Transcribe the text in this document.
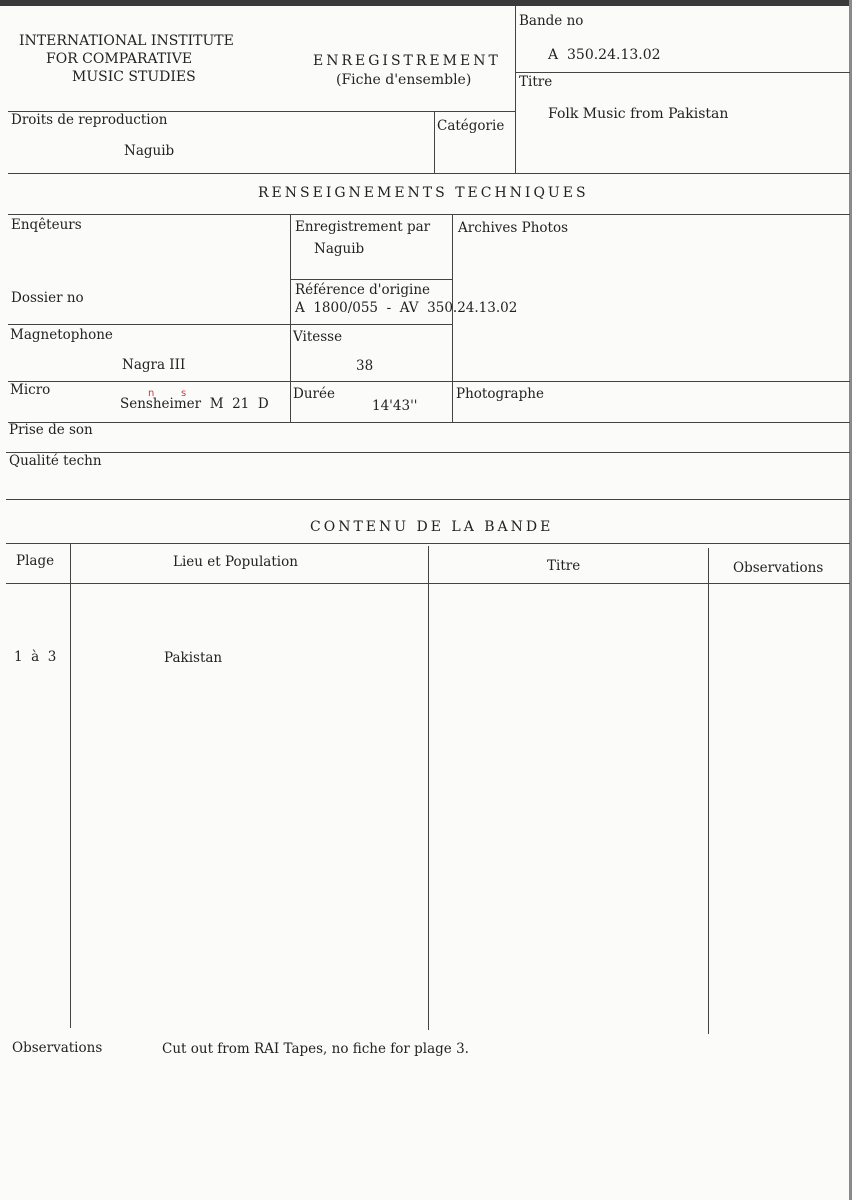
INTERNATIONAL INSTITUTE
FOR COMPARATIVE
MUSIC STUDIES
ENREGISTREMENT
(Fiche d'ensemble)
Bande no
A  350.24.13.02
Titre
Folk Music from Pakistan
Droits de reproduction
Naguib
Catégorie
RENSEIGNEMENTS TECHNIQUES
Enqêteurs	Enregistrement par
Naguib
Archives Photos
Dossier no	Référence d'origine
A  1800/055  -  AV  350.24.13.02
Magnetophone
Nagra III
Vitesse
38
Micro
Sensheimer  M  21  D
n	s	Durée
14'43''
Photographe
Prise de son
Qualité techn
CONTENU DE LA BANDE
Plage	Lieu et Population	Titre	Observations
1  à  3	Pakistan
Observations	Cut out from RAI Tapes, no fiche for plage 3.
